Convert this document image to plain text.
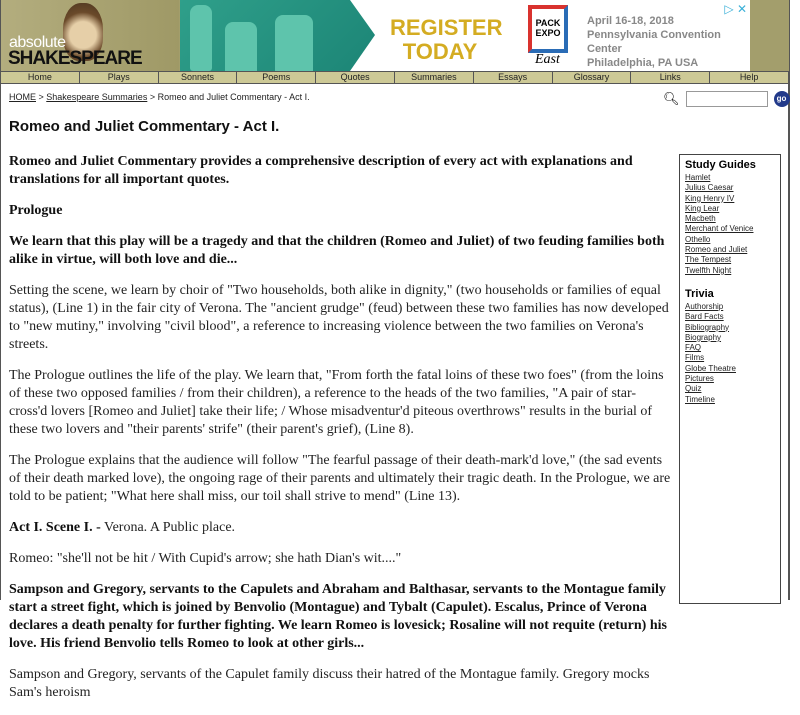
absolute
SHAKESPEARE
REGISTER
TODAY
PACK
EXPO
East
April 16-18, 2018
Pennsylvania Convention Center
Philadelphia, PA USA
▷ ✕
Home	Plays	Sonnets	Poems	Quotes	Summaries	Essays	Glossary	Links	Help
HOME > Shakespeare Summaries > Romeo and Juliet Commentary - Act I.	🔍︎	go
Romeo and Juliet Commentary - Act I.

Romeo and Juliet Commentary provides a comprehensive description of every act with explanations and translations for all important quotes.

Prologue

We learn that this play will be a tragedy and that the children (Romeo and Juliet) of two feuding families both alike in virtue, will both love and die...

Setting the scene, we learn by choir of "Two households, both alike in dignity," (two households or families of equal status), (Line 1) in the fair city of Verona. The "ancient grudge" (feud) between these two families has now developed to "new mutiny," involving "civil blood", a reference to increasing violence between the two families on Verona's streets.

The Prologue outlines the life of the play. We learn that, "From forth the fatal loins of these two foes" (from the loins of these two opposed families / from their children), a reference to the heads of the two families, "A pair of star-cross'd lovers [Romeo and Juliet] take their life; / Whose misadventur'd piteous overthrows" results in the burial of these two lovers and "their parents' strife" (their parent's grief), (Line 8).

The Prologue explains that the audience will follow "The fearful passage of their death-mark'd love," (the sad events of their death marked love), the ongoing rage of their parents and ultimately their tragic death. In the Prologue, we are told to be patient; "What here shall miss, our toil shall strive to mend" (Line 13).

Act I. Scene I. - Verona. A Public place.

Romeo: "she'll not be hit / With Cupid's arrow; she hath Dian's wit...."

Sampson and Gregory, servants to the Capulets and Abraham and Balthasar, servants to the Montague family start a street fight, which is joined by Benvolio (Montague) and Tybalt (Capulet). Escalus, Prince of Verona declares a death penalty for further fighting. We learn Romeo is lovesick; Rosaline will not requite (return) his love. His friend Benvolio tells Romeo to look at other girls...

Sampson and Gregory, servants of the Capulet family discuss their hatred of the Montague family. Gregory mocks Sam's heroism

Study Guides
Hamlet
Julius Caesar
King Henry IV
King Lear
Macbeth
Merchant of Venice
Othello
Romeo and Juliet
The Tempest
Twelfth Night
Trivia
Authorship
Bard Facts
Bibliography
Biography
FAQ
Films
Globe Theatre
Pictures
Quiz
Timeline
